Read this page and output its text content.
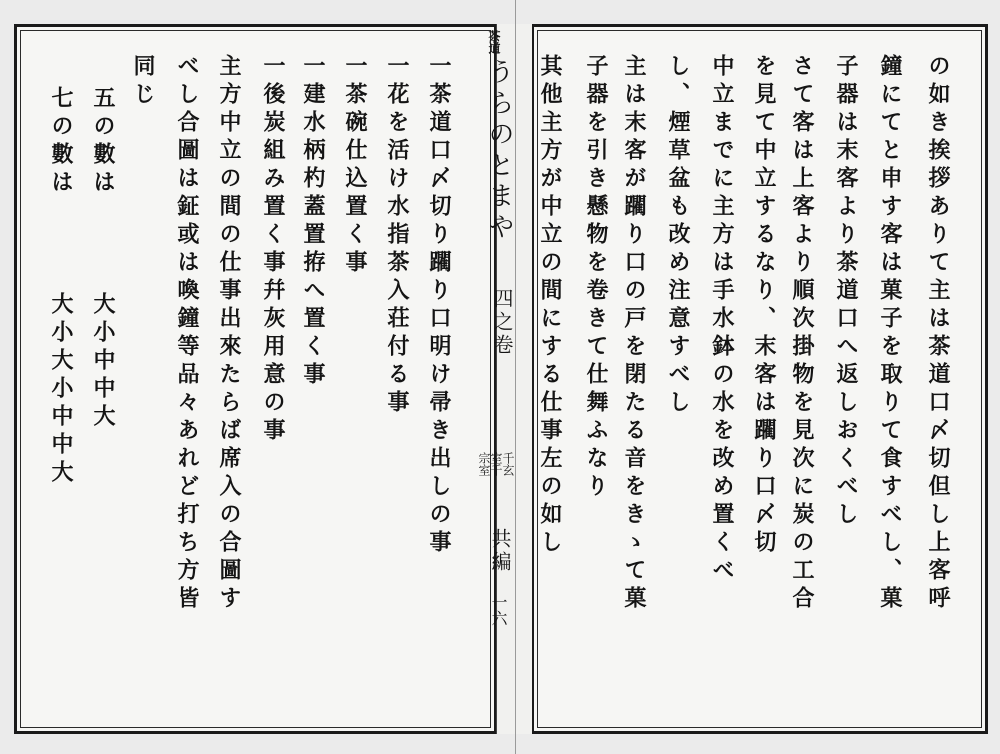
茶道
うらのとまや
四之卷
千玄室千宗室
共編
一六	の如き挨拶ありて主は茶道口〆切但し上客呼
鐘にてと申す客は菓子を取りて食すべし、菓
子器は末客より茶道口へ返しおくべし
さて客は上客より順次掛物を見次に炭の工合
を見て中立するなり、末客は躙り口〆切
中立までに主方は手水鉢の水を改め置くべ
し、煙草盆も改め注意すべし
主は末客が躙り口の戸を閉たる音をきゝて菓
子器を引き懸物を卷きて仕舞ふなり
其他主方が中立の間にする仕事左の如し
一茶道口〆切り躙り口明け帚き出しの事
一花を活け水指茶入荘付る事
一茶碗仕込置く事
一建水柄杓蓋置拵へ置く事
一後炭組み置く事幷灰用意の事
主方中立の間の仕事出來たらば席入の合圖す
べし合圖は鉦或は喚鐘等品々あれど打ち方皆
同じ
五の數は
大小中中大
七の數は
大小大小中中大
